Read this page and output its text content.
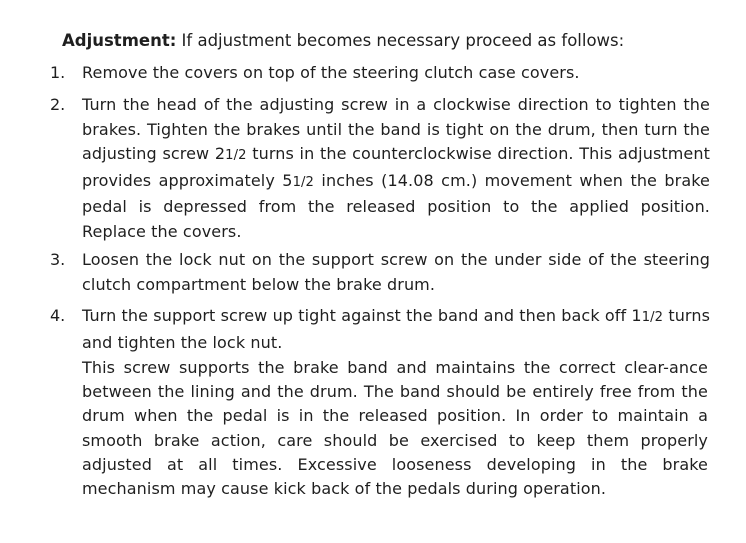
Adjustment: If adjustment becomes necessary proceed as follows:
1.	Remove the covers on top of the steering clutch case covers.
2.	Turn the head of the adjusting screw in a clockwise direction to tighten the brakes. Tighten the brakes until the band is tight on the drum, then turn the adjusting screw 21/2 turns in the counterclockwise direction. This adjustment provides approximately 51/2 inches (14.08 cm.) movement when the brake pedal is depressed from the released position to the applied position. Replace the covers.
3.	Loosen the lock nut on the support screw on the under side of the steering clutch compartment below the brake drum.
4.	Turn the support screw up tight against the band and then back off 11/2 turns and tighten the lock nut.
This screw supports the brake band and maintains the correct clear-ance between the lining and the drum. The band should be entirely free from the drum when the pedal is in the released position. In order to maintain a smooth brake action, care should be exercised to keep them properly adjusted at all times. Excessive looseness developing in the brake mechanism may cause kick back of the pedals during operation.
